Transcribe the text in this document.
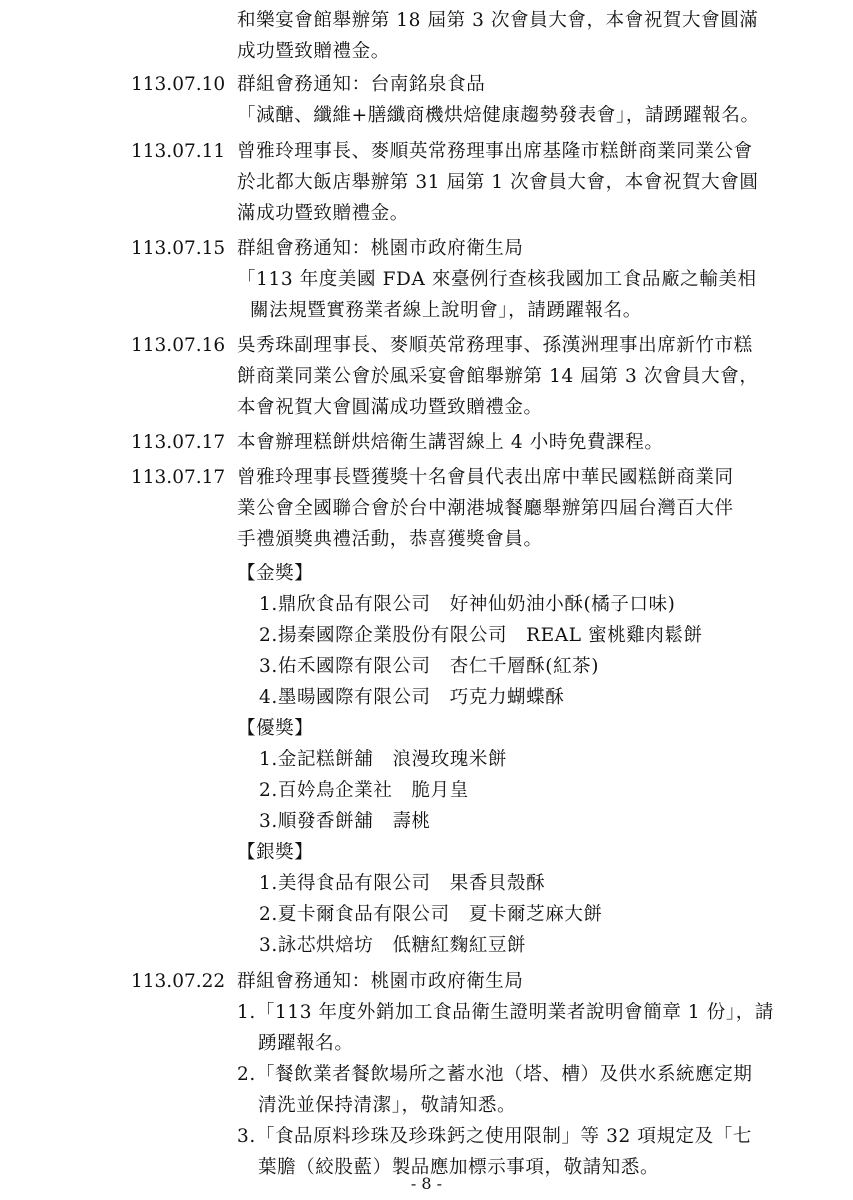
和樂宴會館舉辦第 18 屆第 3 次會員大會，本會祝賀大會圓滿
成功暨致贈禮金。
113.07.10 群組會務通知：台南銘泉食品
「減醣、纖維+膳纖商機烘焙健康趨勢發表會」，請踴躍報名。
113.07.11 曾雅玲理事長、麥順英常務理事出席基隆市糕餅商業同業公會
於北都大飯店舉辦第 31 屆第 1 次會員大會，本會祝賀大會圓
滿成功暨致贈禮金。
113.07.15 群組會務通知：桃園市政府衛生局
「113 年度美國 FDA 來臺例行查核我國加工食品廠之輸美相
關法規暨實務業者線上說明會」，請踴躍報名。
113.07.16 吳秀珠副理事長、麥順英常務理事、孫漢洲理事出席新竹市糕
餅商業同業公會於風采宴會館舉辦第 14 屆第 3 次會員大會，
本會祝賀大會圓滿成功暨致贈禮金。
113.07.17 本會辦理糕餅烘焙衛生講習線上 4 小時免費課程。
113.07.17 曾雅玲理事長暨獲獎十名會員代表出席中華民國糕餅商業同
業公會全國聯合會於台中潮港城餐廳舉辦第四屆台灣百大伴
手禮頒獎典禮活動，恭喜獲獎會員。
【金獎】
1.鼎欣食品有限公司　好神仙奶油小酥(橘子口味)
2.揚秦國際企業股份有限公司　REAL 蜜桃雞肉鬆餅
3.佑禾國際有限公司　杏仁千層酥(紅茶)
4.墨暘國際有限公司　巧克力蝴蝶酥
【優獎】
1.金記糕餅舖　浪漫玫瑰米餅
2.百妗鳥企業社　脆月皇
3.順發香餅舖　壽桃
【銀獎】
1.美得食品有限公司　果香貝殼酥
2.夏卡爾食品有限公司　夏卡爾芝麻大餅
3.詠芯烘焙坊　低糖紅麴紅豆餅
113.07.22 群組會務通知：桃園市政府衛生局
1.「113 年度外銷加工食品衛生證明業者說明會簡章 1 份」，請
踴躍報名。
2.「餐飲業者餐飲場所之蓄水池（塔、槽）及供水系統應定期
清洗並保持清潔」，敬請知悉。
3.「食品原料珍珠及珍珠鈣之使用限制」等 32 項規定及「七
葉膽（絞股藍）製品應加標示事項，敬請知悉。
- 8 -
